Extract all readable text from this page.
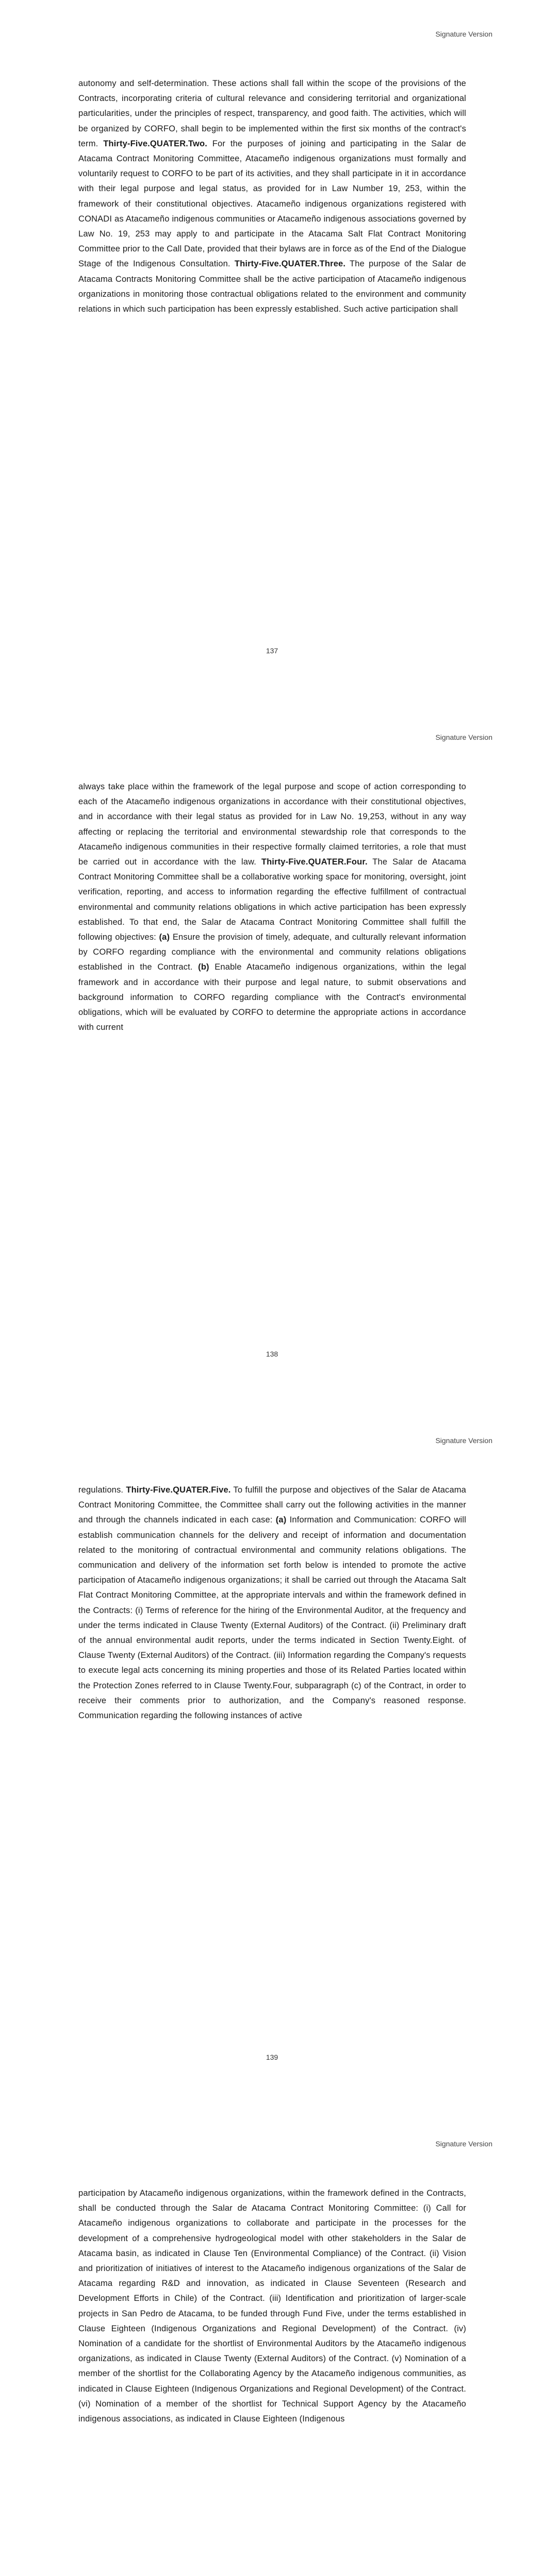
Signature Version
autonomy and self-determination. These actions shall fall within the scope of the provisions of the Contracts, incorporating criteria of cultural relevance and considering territorial and organizational particularities, under the principles of respect, transparency, and good faith. The activities, which will be organized by CORFO, shall begin to be implemented within the first six months of the contract's term. Thirty-Five.QUATER.Two. For the purposes of joining and participating in the Salar de Atacama Contract Monitoring Committee, Atacameño indigenous organizations must formally and voluntarily request to CORFO to be part of its activities, and they shall participate in it in accordance with their legal purpose and legal status, as provided for in Law Number 19, 253, within the framework of their constitutional objectives. Atacameño indigenous organizations registered with CONADI as Atacameño indigenous communities or Atacameño indigenous associations governed by Law No. 19, 253 may apply to and participate in the Atacama Salt Flat Contract Monitoring Committee prior to the Call Date, provided that their bylaws are in force as of the End of the Dialogue Stage of the Indigenous Consultation. Thirty-Five.QUATER.Three. The purpose of the Salar de Atacama Contracts Monitoring Committee shall be the active participation of Atacameño indigenous organizations in monitoring those contractual obligations related to the environment and community relations in which such participation has been expressly established. Such active participation shall
137
Signature Version
always take place within the framework of the legal purpose and scope of action corresponding to each of the Atacameño indigenous organizations in accordance with their constitutional objectives, and in accordance with their legal status as provided for in Law No. 19,253, without in any way affecting or replacing the territorial and environmental stewardship role that corresponds to the Atacameño indigenous communities in their respective formally claimed territories, a role that must be carried out in accordance with the law. Thirty-Five.QUATER.Four. The Salar de Atacama Contract Monitoring Committee shall be a collaborative working space for monitoring, oversight, joint verification, reporting, and access to information regarding the effective fulfillment of contractual environmental and community relations obligations in which active participation has been expressly established. To that end, the Salar de Atacama Contract Monitoring Committee shall fulfill the following objectives: (a) Ensure the provision of timely, adequate, and culturally relevant information by CORFO regarding compliance with the environmental and community relations obligations established in the Contract. (b) Enable Atacameño indigenous organizations, within the legal framework and in accordance with their purpose and legal nature, to submit observations and background information to CORFO regarding compliance with the Contract's environmental obligations, which will be evaluated by CORFO to determine the appropriate actions in accordance with current
138
Signature Version
regulations. Thirty-Five.QUATER.Five. To fulfill the purpose and objectives of the Salar de Atacama Contract Monitoring Committee, the Committee shall carry out the following activities in the manner and through the channels indicated in each case: (a) Information and Communication: CORFO will establish communication channels for the delivery and receipt of information and documentation related to the monitoring of contractual environmental and community relations obligations. The communication and delivery of the information set forth below is intended to promote the active participation of Atacameño indigenous organizations; it shall be carried out through the Atacama Salt Flat Contract Monitoring Committee, at the appropriate intervals and within the framework defined in the Contracts: (i) Terms of reference for the hiring of the Environmental Auditor, at the frequency and under the terms indicated in Clause Twenty (External Auditors) of the Contract. (ii) Preliminary draft of the annual environmental audit reports, under the terms indicated in Section Twenty.Eight. of Clause Twenty (External Auditors) of the Contract. (iii) Information regarding the Company's requests to execute legal acts concerning its mining properties and those of its Related Parties located within the Protection Zones referred to in Clause Twenty.Four, subparagraph (c) of the Contract, in order to receive their comments prior to authorization, and the Company's reasoned response. Communication regarding the following instances of active
139
Signature Version
participation by Atacameño indigenous organizations, within the framework defined in the Contracts, shall be conducted through the Salar de Atacama Contract Monitoring Committee: (i) Call for Atacameño indigenous organizations to collaborate and participate in the processes for the development of a comprehensive hydrogeological model with other stakeholders in the Salar de Atacama basin, as indicated in Clause Ten (Environmental Compliance) of the Contract. (ii) Vision and prioritization of initiatives of interest to the Atacameño indigenous organizations of the Salar de Atacama regarding R&D and innovation, as indicated in Clause Seventeen (Research and Development Efforts in Chile) of the Contract. (iii) Identification and prioritization of larger-scale projects in San Pedro de Atacama, to be funded through Fund Five, under the terms established in Clause Eighteen (Indigenous Organizations and Regional Development) of the Contract. (iv) Nomination of a candidate for the shortlist of Environmental Auditors by the Atacameño indigenous organizations, as indicated in Clause Twenty (External Auditors) of the Contract. (v) Nomination of a member of the shortlist for the Collaborating Agency by the Atacameño indigenous communities, as indicated in Clause Eighteen (Indigenous Organizations and Regional Development) of the Contract. (vi) Nomination of a member of the shortlist for Technical Support Agency by the Atacameño indigenous associations, as indicated in Clause Eighteen (Indigenous
